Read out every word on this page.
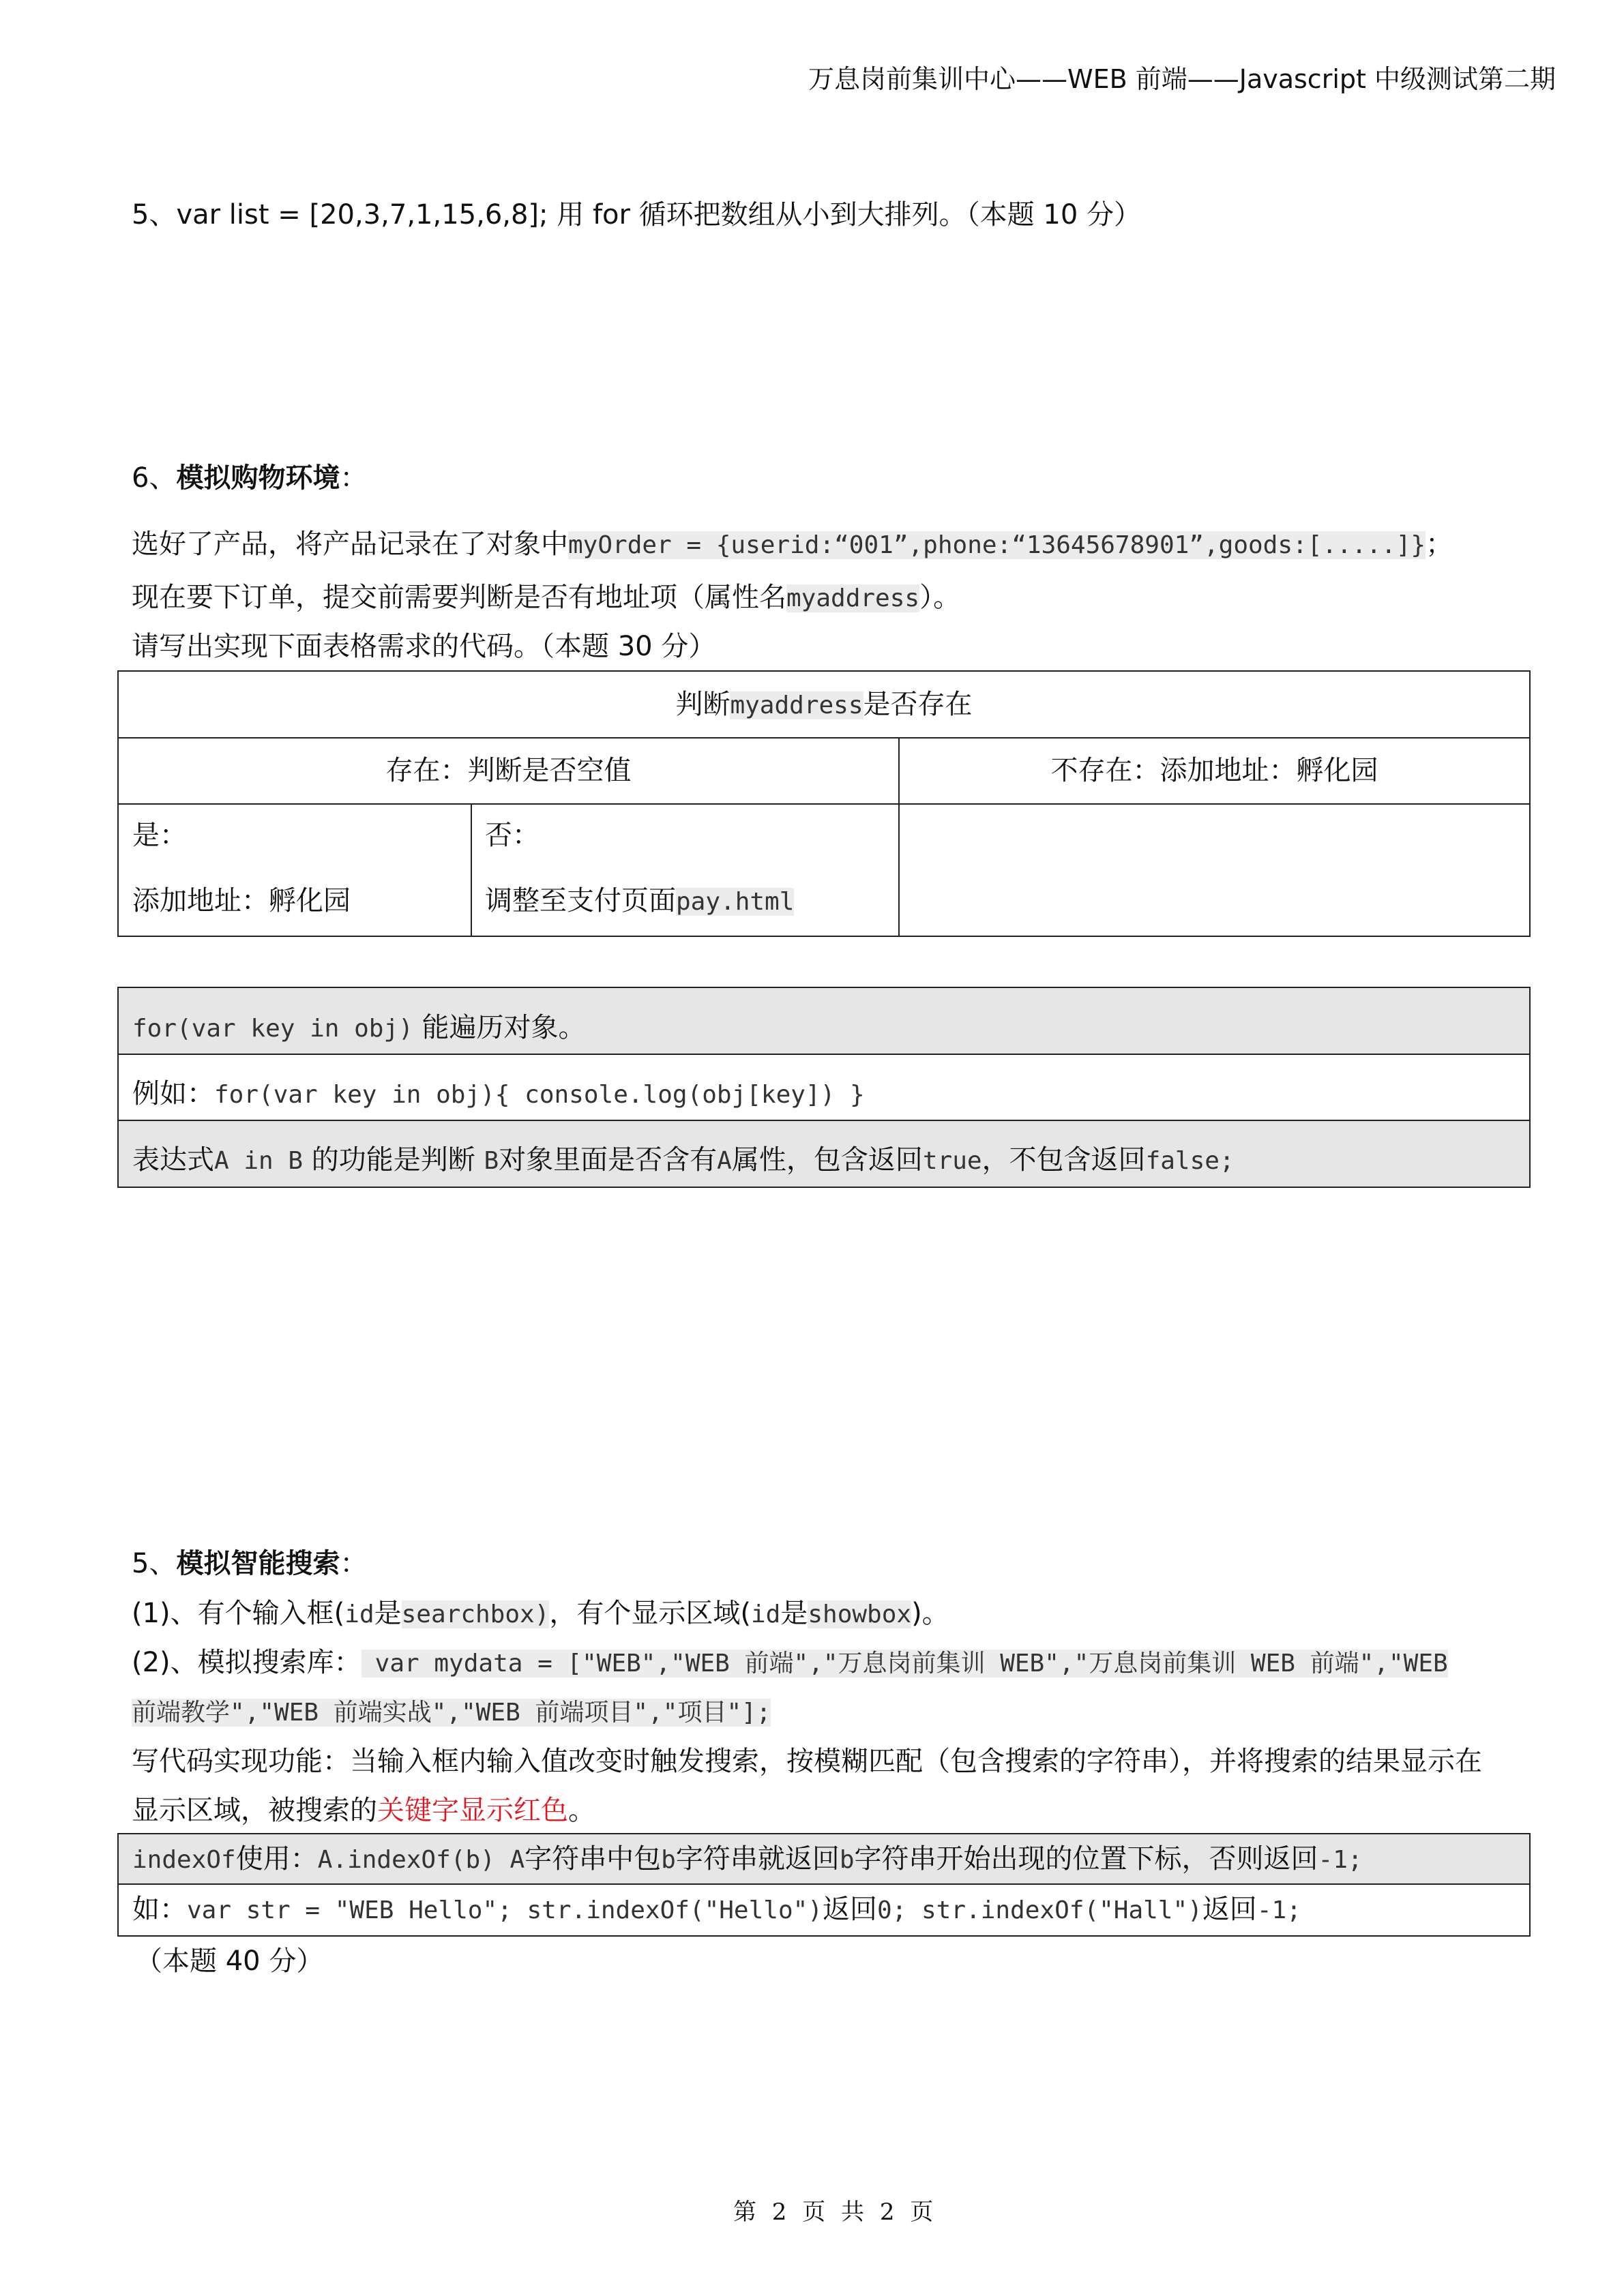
万息岗前集训中心——WEB 前端——Javascript 中级测试第二期
5、var list = [20,3,7,1,15,6,8]; 用 for 循环把数组从小到大排列。（本题 10 分）
6、模拟购物环境：
选好了产品，将产品记录在了对象中myOrder = {userid:“001”,phone:“13645678901”,goods:[.....]}；
现在要下订单，提交前需要判断是否有地址项（属性名myaddress）。
请写出实现下面表格需求的代码。（本题 30 分）
判断myaddress是否存在
存在：判断是否空值	不存在：添加地址：孵化园
是：
添加地址：孵化园
否：
调整至支付页面pay.html
for(var key in obj) 能遍历对象。
例如：for(var key in obj){ console.log(obj[key]) }
表达式A in B 的功能是判断 B对象里面是否含有A属性，包含返回true，不包含返回false;
5、模拟智能搜索：
(1)、有个输入框(id是searchbox)，有个显示区域(id是showbox)。
(2)、模拟搜索库： var mydata = ["WEB","WEB 前端","万息岗前集训 WEB","万息岗前集训 WEB 前端","WEB
前端教学","WEB 前端实战","WEB 前端项目","项目"];
写代码实现功能：当输入框内输入值改变时触发搜索，按模糊匹配（包含搜索的字符串），并将搜索的结果显示在
显示区域，被搜索的关键字显示红色。
indexOf使用：A.indexOf(b) A字符串中包b字符串就返回b字符串开始出现的位置下标，否则返回-1;
如：var str = "WEB Hello"; str.indexOf("Hello")返回0; str.indexOf("Hall")返回-1;
（本题 40 分）
第 2 页 共 2 页
